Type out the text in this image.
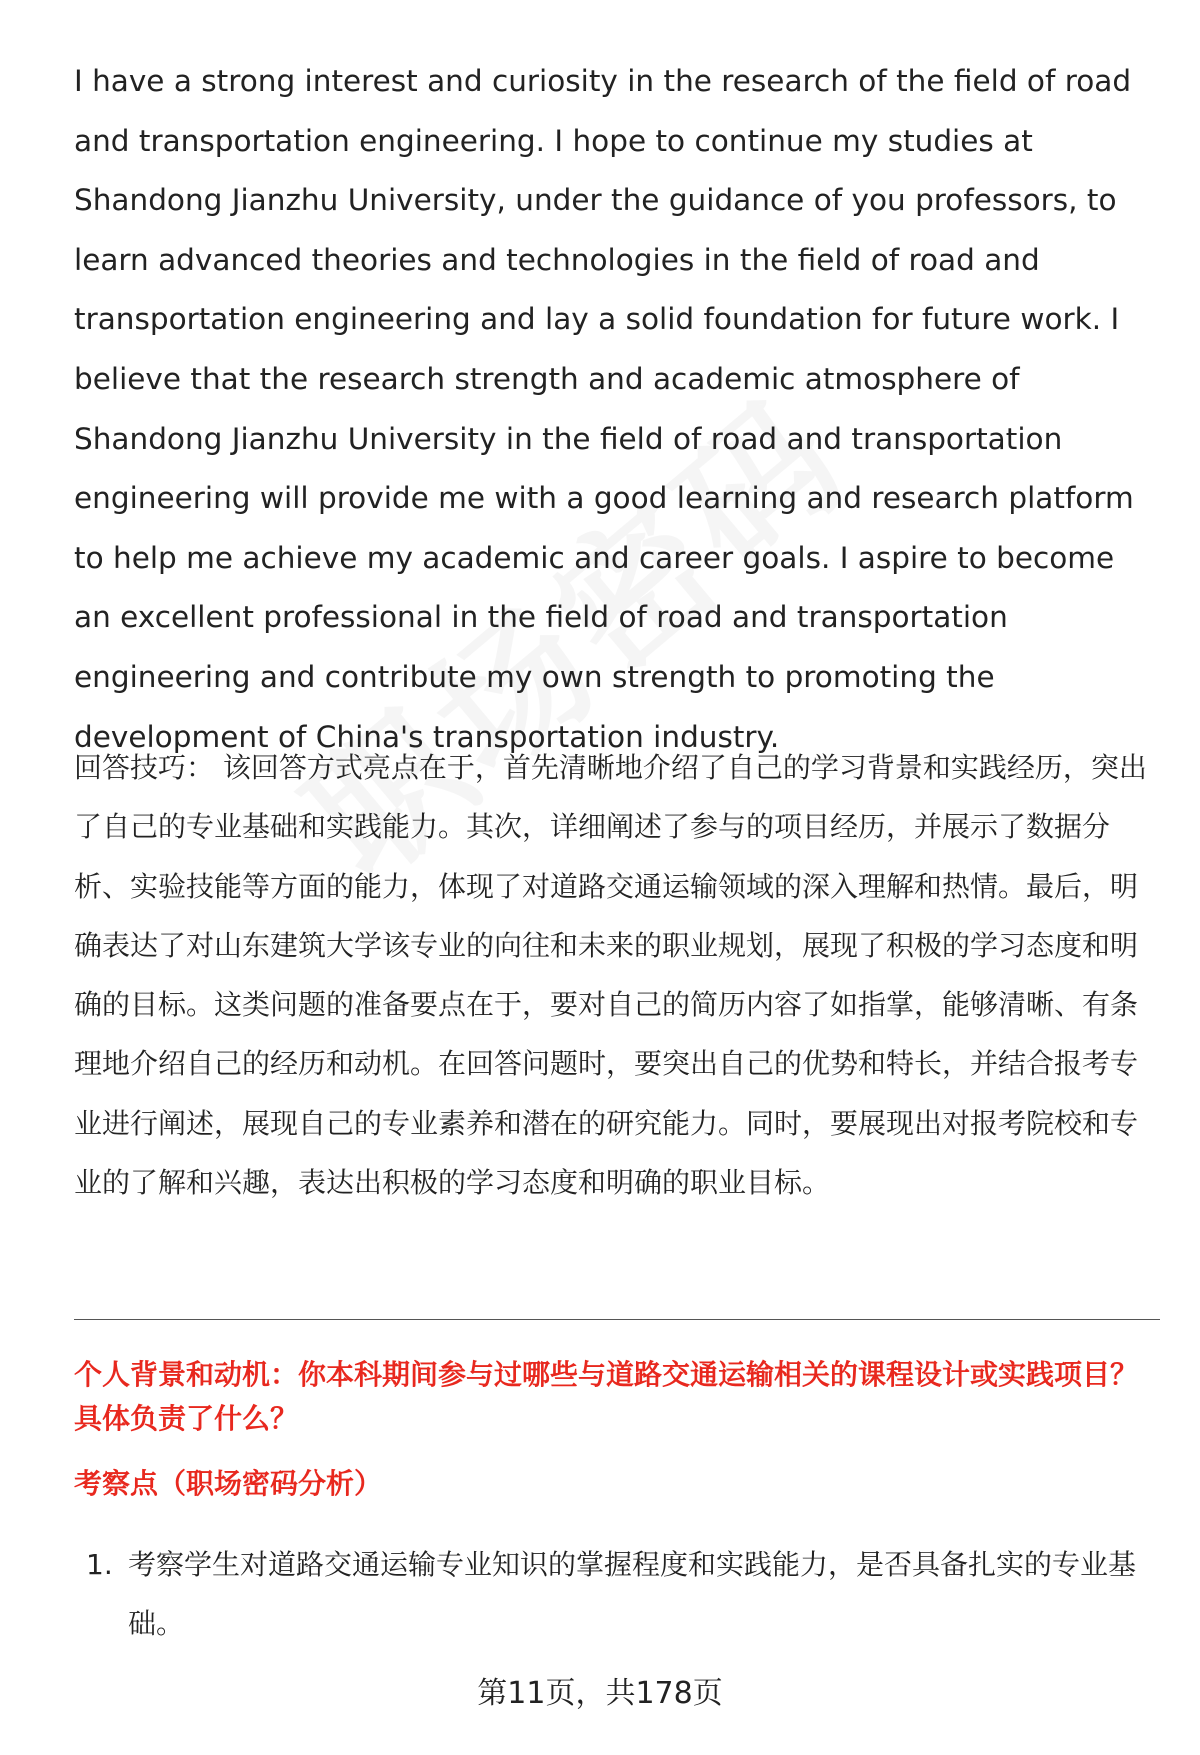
I have a strong interest and curiosity in the research of the field of road and transportation engineering. I hope to continue my studies at Shandong Jianzhu University, under the guidance of you professors, to learn advanced theories and technologies in the field of road and transportation engineering and lay a solid foundation for future work. I believe that the research strength and academic atmosphere of Shandong Jianzhu University in the field of road and transportation engineering will provide me with a good learning and research platform to help me achieve my academic and career goals. I aspire to become an excellent professional in the field of road and transportation engineering and contribute my own strength to promoting the development of China's transportation industry.

回答技巧： 该回答方式亮点在于，首先清晰地介绍了自己的学习背景和实践经历，突出了自己的专业基础和实践能力。其次，详细阐述了参与的项目经历，并展示了数据分析、实验技能等方面的能力，体现了对道路交通运输领域的深入理解和热情。最后，明确表达了对山东建筑大学该专业的向往和未来的职业规划，展现了积极的学习态度和明确的目标。这类问题的准备要点在于，要对自己的简历内容了如指掌，能够清晰、有条理地介绍自己的经历和动机。在回答问题时，要突出自己的优势和特长，并结合报考专业进行阐述，展现自己的专业素养和潜在的研究能力。同时，要展现出对报考院校和专业的了解和兴趣，表达出积极的学习态度和明确的职业目标。

个人背景和动机：你本科期间参与过哪些与道路交通运输相关的课程设计或实践项目？具体负责了什么？

考察点（职场密码分析）

1. 考察学生对道路交通运输专业知识的掌握程度和实践能力，是否具备扎实的专业基础。
第11页，共178页
